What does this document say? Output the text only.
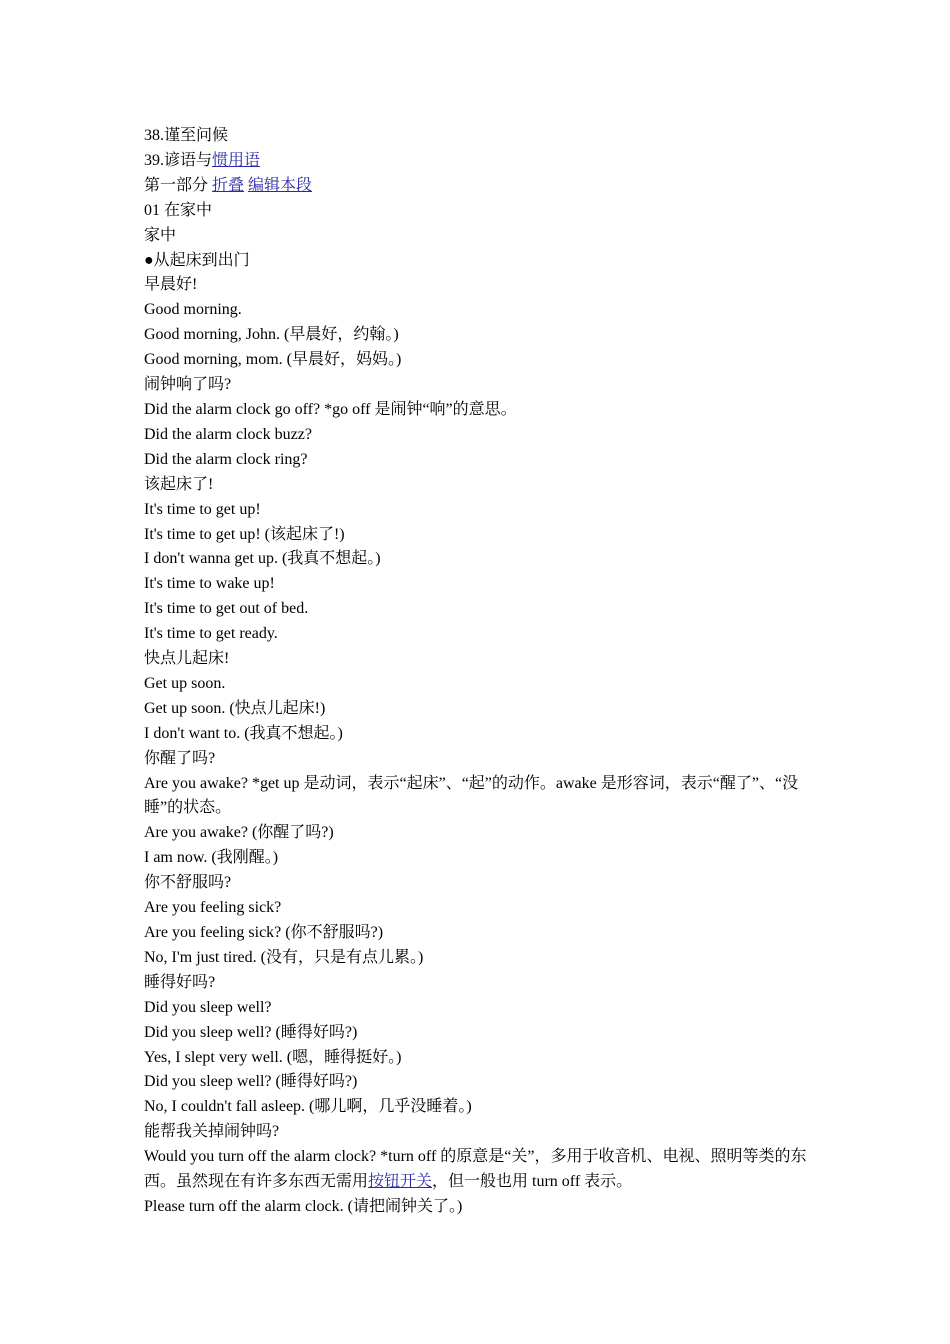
38.谨至问候

39.谚语与惯用语

第一部分 折叠 编辑本段

01 在家中

家中

●从起床到出门

早晨好!

Good morning.

Good morning, John. (早晨好，约翰。)

Good morning, mom. (早晨好，妈妈。)

闹钟响了吗?

Did the alarm clock go off? *go off 是闹钟“响”的意思。

Did the alarm clock buzz?

Did the alarm clock ring?

该起床了!

It's time to get up!

It's time to get up! (该起床了!)

I don't wanna get up. (我真不想起。)

It's time to wake up!

It's time to get out of bed.

It's time to get ready.

快点儿起床!

Get up soon.

Get up soon. (快点儿起床!)

I don't want to. (我真不想起。)

你醒了吗?

Are you awake? *get up 是动词，表示“起床”、“起”的动作。awake 是形容词，表示“醒了”、“没睡”的状态。

Are you awake? (你醒了吗?)

I am now. (我刚醒。)

你不舒服吗?

Are you feeling sick?

Are you feeling sick? (你不舒服吗?)

No, I'm just tired. (没有，只是有点儿累。)

睡得好吗?

Did you sleep well?

Did you sleep well? (睡得好吗?)

Yes, I slept very well. (嗯，睡得挺好。)

Did you sleep well? (睡得好吗?)

No, I couldn't fall asleep. (哪儿啊，几乎没睡着。)

能帮我关掉闹钟吗?

Would you turn off the alarm clock? *turn off 的原意是“关”，多用于收音机、电视、照明等类的东西。虽然现在有许多东西无需用按钮开关，但一般也用 turn off 表示。

Please turn off the alarm clock. (请把闹钟关了。)
